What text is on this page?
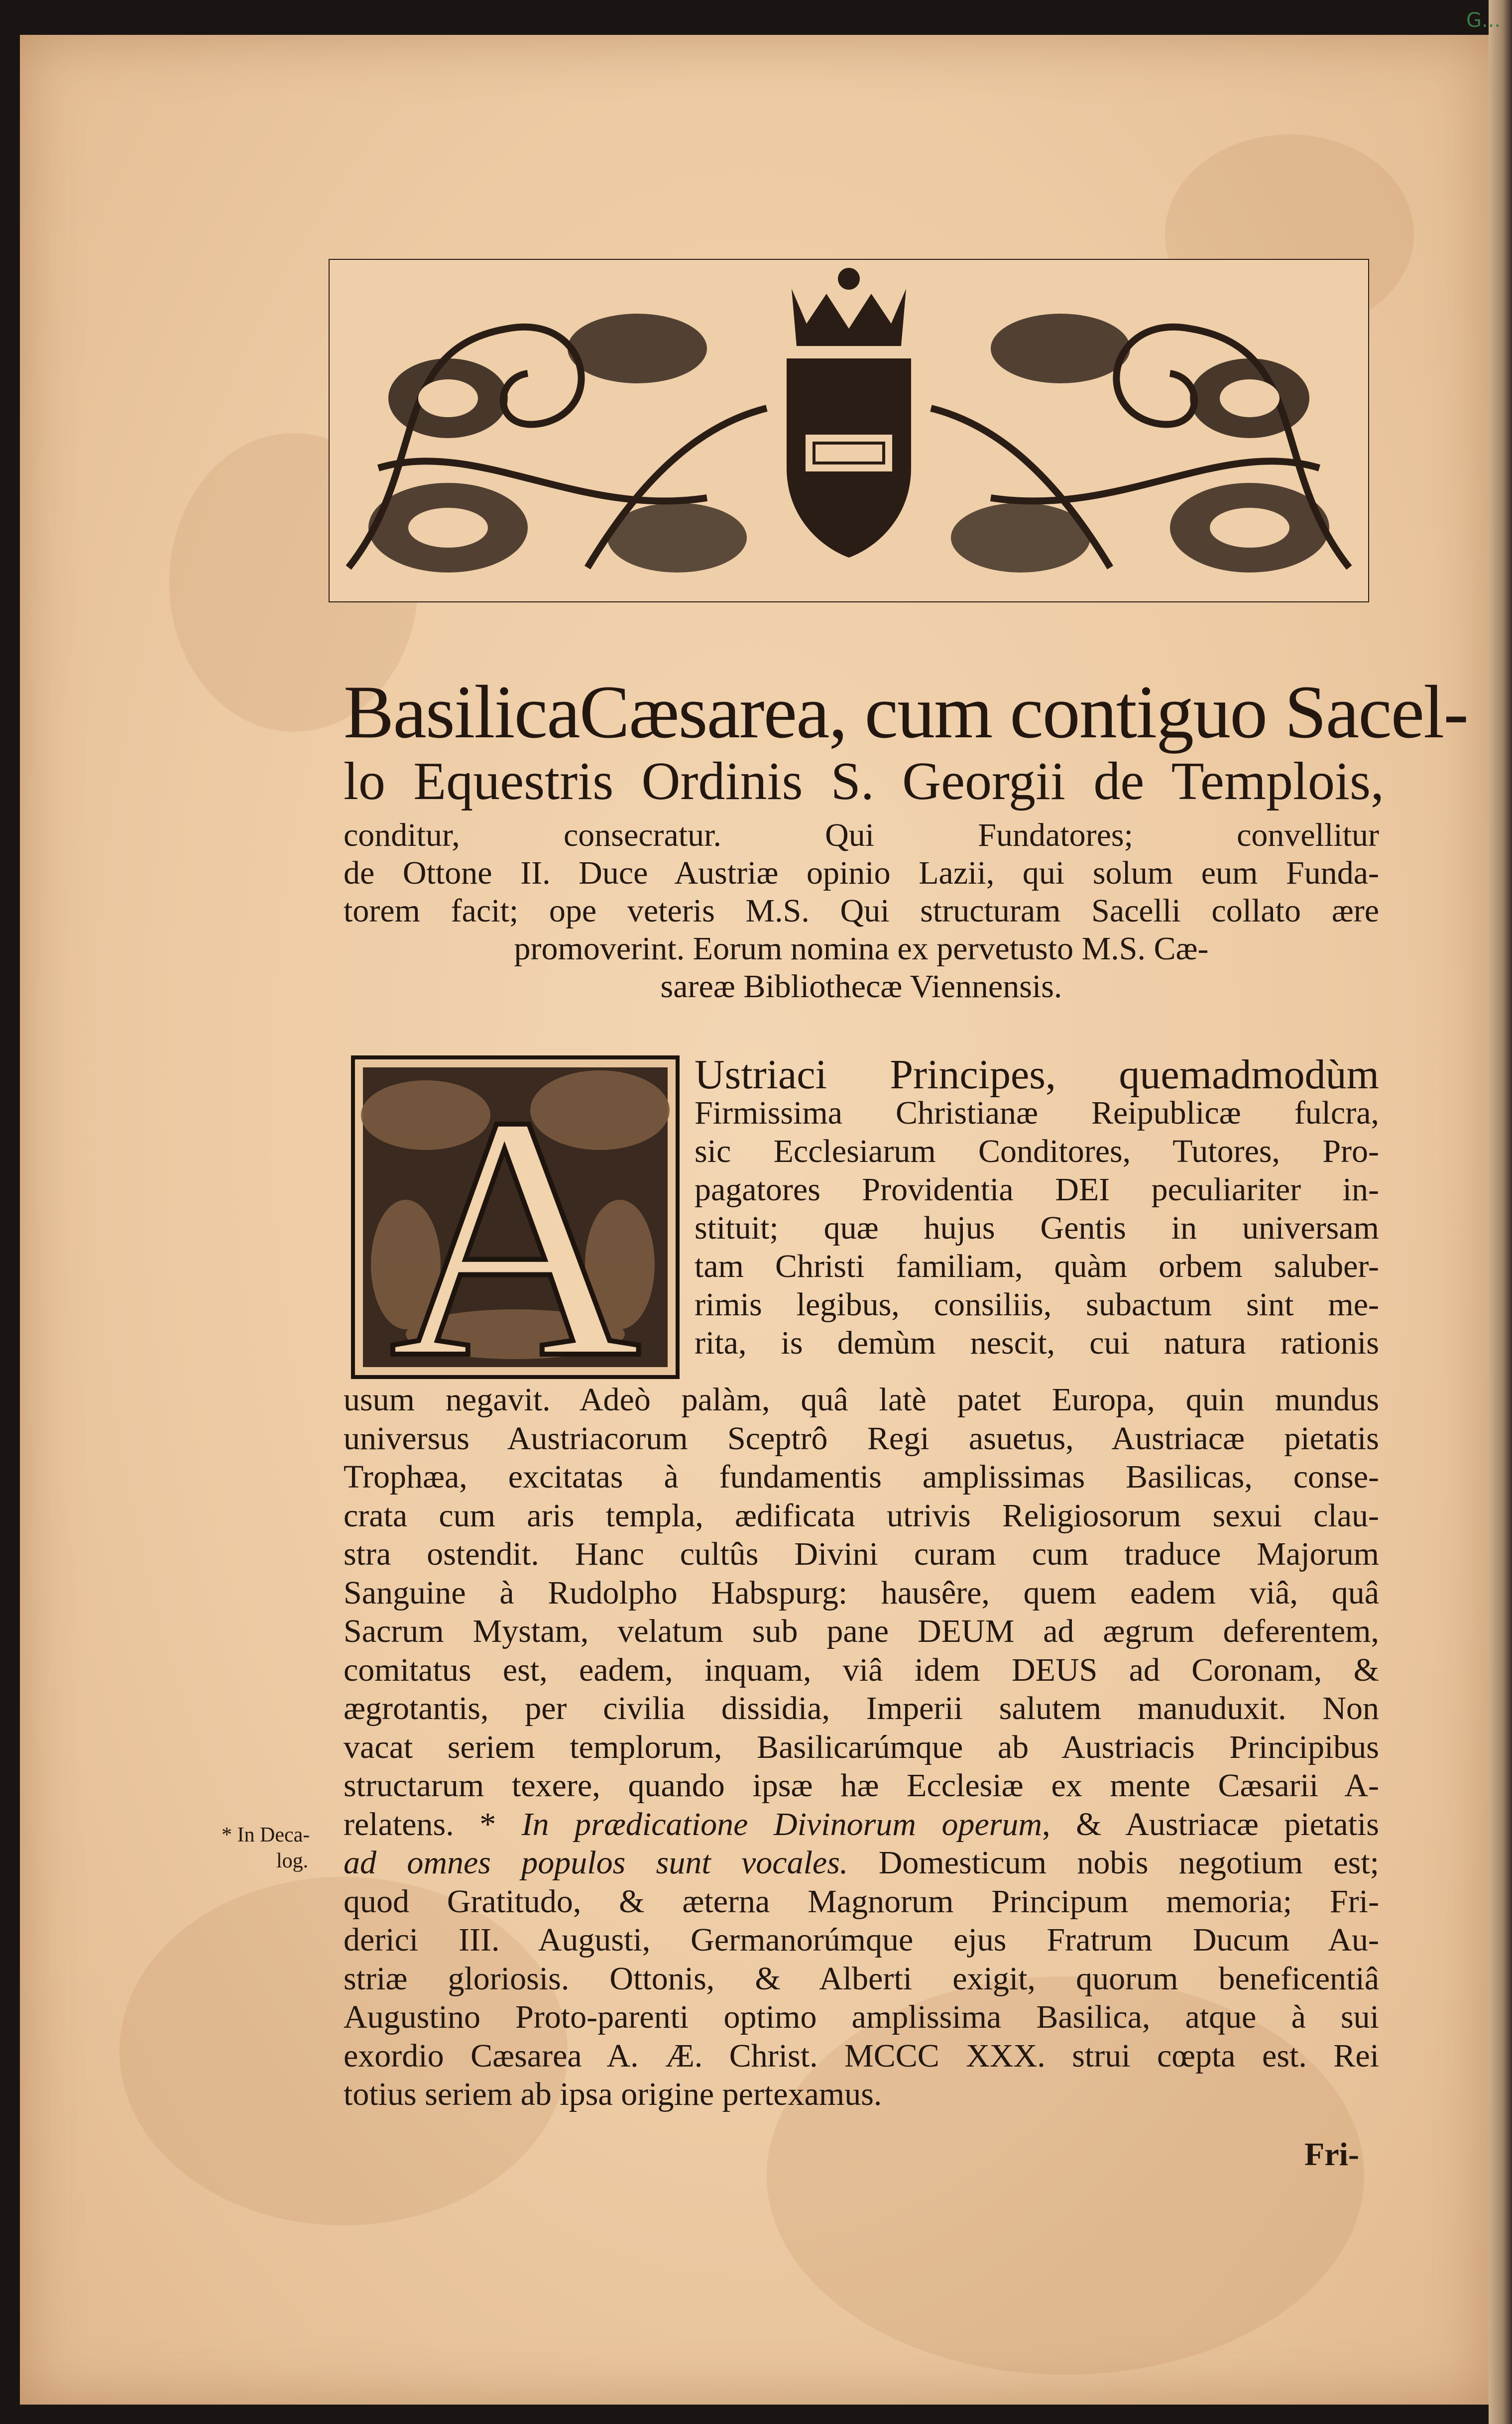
G...
BasilicaCæsarea, cum contiguo Sacel-
lo Equestris Ordinis S. Georgii de Templois,
conditur, consecratur. Qui Fundatores; convellitur
de Ottone II. Duce Austriæ opinio Lazii, qui solum eum Funda-
torem facit; ope veteris M.S. Qui structuram Sacelli collato ære
promoverint. Eorum nomina ex pervetusto M.S. Cæ-
sareæ Bibliothecæ Viennensis.
A Ustriaci Principes, quemadmodùm
Firmissima Christianæ Reipublicæ fulcra,
sic Ecclesiarum Conditores, Tutores, Pro-
pagatores Providentia DEI peculiariter in-
stituit; quæ hujus Gentis in universam
tam Christi familiam, quàm orbem saluber-
rimis legibus, consiliis, subactum sint me-
rita, is demùm nescit, cui natura rationis
usum negavit. Adeò palàm, quâ latè patet Europa, quin mundus
universus Austriacorum Sceptrô Regi asuetus, Austriacæ pietatis
Trophæa, excitatas à fundamentis amplissimas Basilicas, conse-
crata cum aris templa, ædificata utrivis Religiosorum sexui clau-
stra ostendit. Hanc cultûs Divini curam cum traduce Majorum
Sanguine à Rudolpho Habspurg: hausêre, quem eadem viâ, quâ
Sacrum Mystam, velatum sub pane DEUM ad ægrum deferentem,
comitatus est, eadem, inquam, viâ idem DEUS ad Coronam, &
ægrotantis, per civilia dissidia, Imperii salutem manuduxit. Non
vacat seriem templorum, Basilicarúmque ab Austriacis Principibus
structarum texere, quando ipsæ hæ Ecclesiæ ex mente Cæsarii A-
relatens. * In prædicatione Divinorum operum, & Austriacæ pietatis
ad omnes populos sunt vocales. Domesticum nobis negotium est;
quod Gratitudo, & æterna Magnorum Principum memoria; Fri-
derici III. Augusti, Germanorúmque ejus Fratrum Ducum Au-
striæ gloriosis. Ottonis, & Alberti exigit, quorum beneficentiâ
Augustino Proto-parenti optimo amplissima Basilica, atque à sui
exordio Cæsarea A. Æ. Christ. MCCC XXX. strui cœpta est. Rei
totius seriem ab ipsa origine pertexamus.
* In Deca-
log.
Fri-
